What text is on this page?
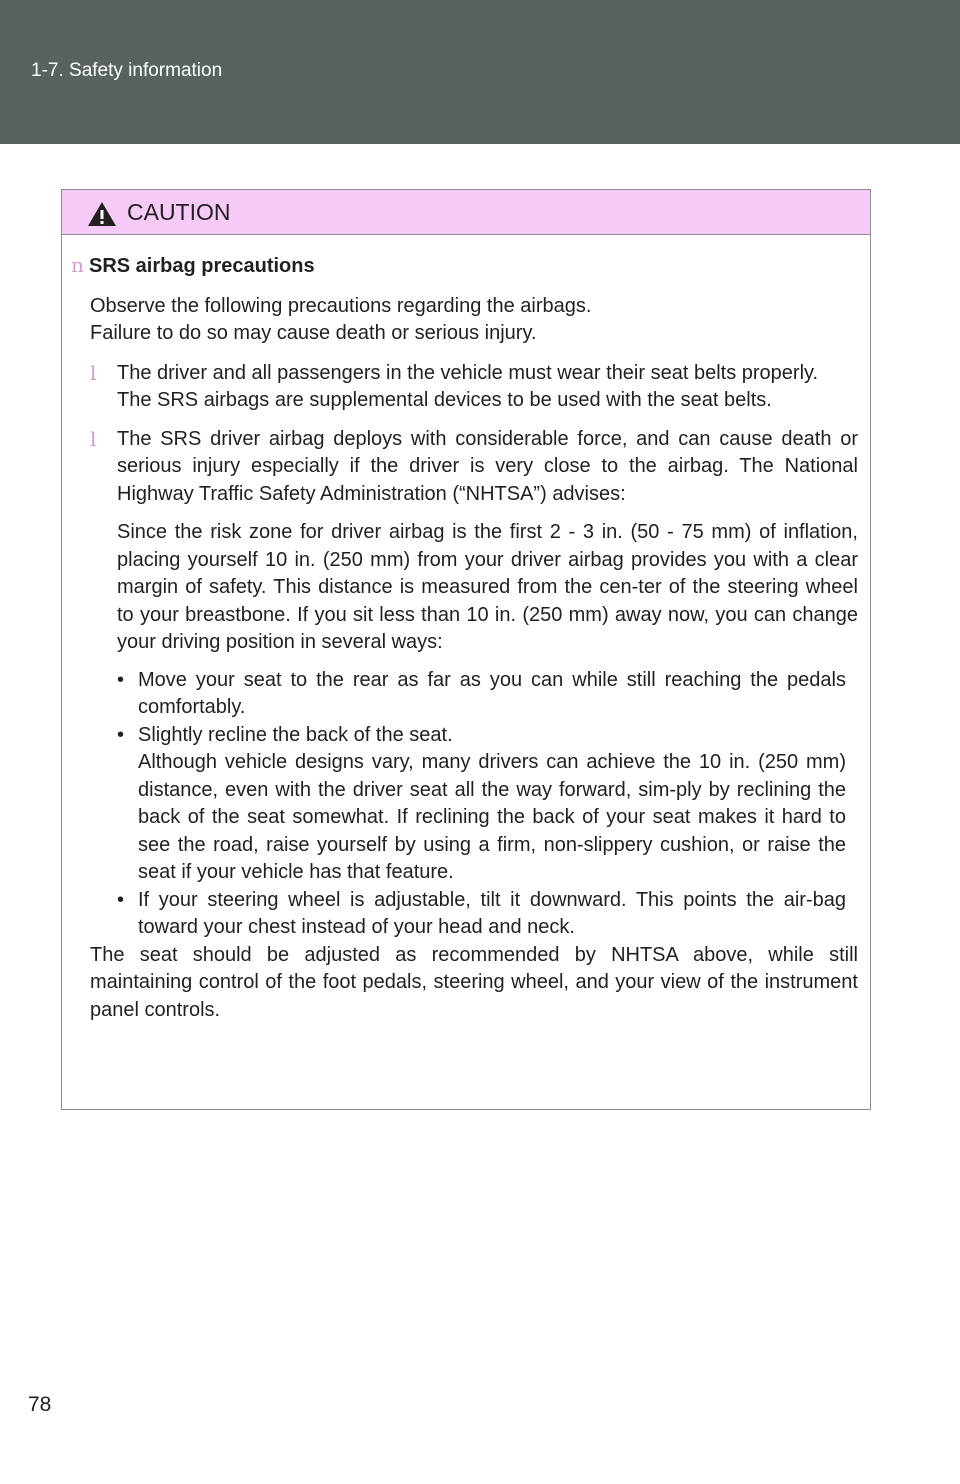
1-7. Safety information
CAUTION
n SRS airbag precautions
Observe the following precautions regarding the airbags.
Failure to do so may cause death or serious injury.
l The driver and all passengers in the vehicle must wear their seat belts properly.
The SRS airbags are supplemental devices to be used with the seat belts.
l The SRS driver airbag deploys with considerable force, and can cause death or serious injury especially if the driver is very close to the airbag. The National Highway Traffic Safety Administration (“NHTSA”) advises:
Since the risk zone for driver airbag is the first 2 - 3 in. (50 - 75 mm) of inflation, placing yourself 10 in. (250 mm) from your driver airbag provides you with a clear margin of safety. This distance is measured from the cen-ter of the steering wheel to your breastbone. If you sit less than 10 in. (250 mm) away now, you can change your driving position in several ways:
• Move your seat to the rear as far as you can while still reaching the pedals comfortably.
• Slightly recline the back of the seat.
Although vehicle designs vary, many drivers can achieve the 10 in. (250 mm) distance, even with the driver seat all the way forward, sim-ply by reclining the back of the seat somewhat. If reclining the back of your seat makes it hard to see the road, raise yourself by using a firm, non-slippery cushion, or raise the seat if your vehicle has that feature.
• If your steering wheel is adjustable, tilt it downward. This points the air-bag toward your chest instead of your head and neck.
The seat should be adjusted as recommended by NHTSA above, while still maintaining control of the foot pedals, steering wheel, and your view of the instrument panel controls.
78
